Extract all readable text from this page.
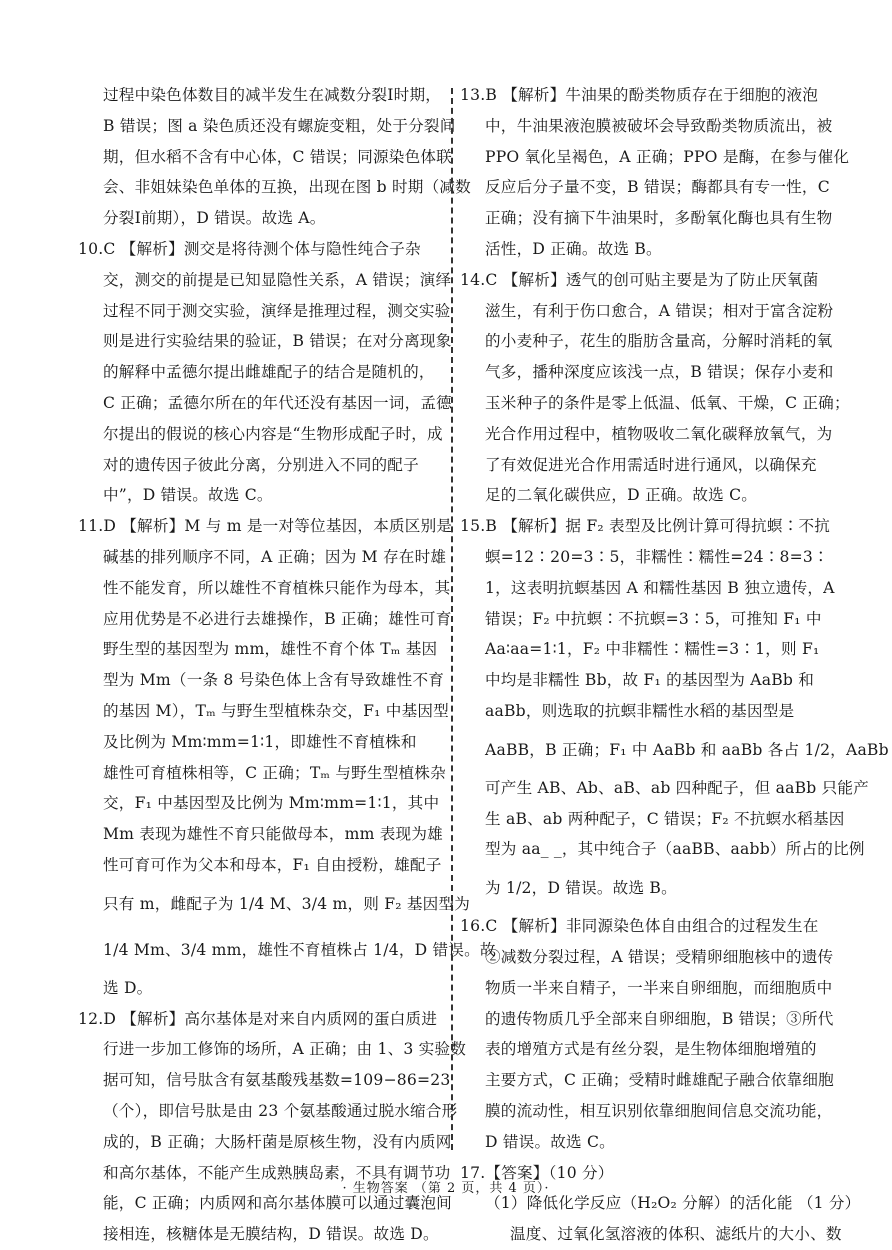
过程中染色体数目的减半发生在减数分裂Ⅰ时期，
B 错误；图 a 染色质还没有螺旋变粗，处于分裂间
期，但水稻不含有中心体，C 错误；同源染色体联
会、非姐妹染色单体的互换，出现在图 b 时期（减数
分裂Ⅰ前期），D 错误。故选 A。
10.C 【解析】测交是将待测个体与隐性纯合子杂
交，测交的前提是已知显隐性关系，A 错误；演绎
过程不同于测交实验，演绎是推理过程，测交实验
则是进行实验结果的验证，B 错误；在对分离现象
的解释中孟德尔提出雌雄配子的结合是随机的，
C 正确；孟德尔所在的年代还没有基因一词，孟德
尔提出的假说的核心内容是“生物形成配子时，成
对的遗传因子彼此分离，分别进入不同的配子
中”，D 错误。故选 C。
11.D 【解析】M 与 m 是一对等位基因，本质区别是
碱基的排列顺序不同，A 正确；因为 M 存在时雄
性不能发育，所以雄性不育植株只能作为母本，其
应用优势是不必进行去雄操作，B 正确；雄性可育
野生型的基因型为 mm，雄性不育个体 Tₘ 基因
型为 Mm（一条 8 号染色体上含有导致雄性不育
的基因 M），Tₘ 与野生型植株杂交，F₁ 中基因型
及比例为 Mm∶mm=1∶1，即雄性不育植株和
雄性可育植株相等，C 正确；Tₘ 与野生型植株杂
交，F₁ 中基因型及比例为 Mm∶mm=1∶1，其中
Mm 表现为雄性不育只能做母本，mm 表现为雄
性可育可作为父本和母本，F₁ 自由授粉，雄配子
只有 m，雌配子为 1/4 M、3/4 m，则 F₂ 基因型为
1/4 Mm、3/4 mm，雄性不育植株占 1/4，D 错误。故
选 D。
12.D 【解析】高尔基体是对来自内质网的蛋白质进
行进一步加工修饰的场所，A 正确；由 1、3 实验数
据可知，信号肽含有氨基酸残基数=109−86=23
（个），即信号肽是由 23 个氨基酸通过脱水缩合形
成的，B 正确；大肠杆菌是原核生物，没有内质网
和高尔基体，不能产生成熟胰岛素，不具有调节功
能，C 正确；内质网和高尔基体膜可以通过囊泡间
接相连，核糖体是无膜结构，D 错误。故选 D。
13.B 【解析】牛油果的酚类物质存在于细胞的液泡
中，牛油果液泡膜被破坏会导致酚类物质流出，被
PPO 氧化呈褐色，A 正确；PPO 是酶，在参与催化
反应后分子量不变，B 错误；酶都具有专一性，C
正确；没有摘下牛油果时，多酚氧化酶也具有生物
活性，D 正确。故选 B。
14.C 【解析】透气的创可贴主要是为了防止厌氧菌
滋生，有利于伤口愈合，A 错误；相对于富含淀粉
的小麦种子，花生的脂肪含量高，分解时消耗的氧
气多，播种深度应该浅一点，B 错误；保存小麦和
玉米种子的条件是零上低温、低氧、干燥，C 正确；
光合作用过程中，植物吸收二氧化碳释放氧气，为
了有效促进光合作用需适时进行通风，以确保充
足的二氧化碳供应，D 正确。故选 C。
15.B 【解析】据 F₂ 表型及比例计算可得抗螟∶不抗
螟=12∶20=3∶5，非糯性∶糯性=24∶8=3∶
1，这表明抗螟基因 A 和糯性基因 B 独立遗传，A
错误；F₂ 中抗螟∶不抗螟=3∶5，可推知 F₁ 中
Aa∶aa=1∶1，F₂ 中非糯性∶糯性=3∶1，则 F₁
中均是非糯性 Bb，故 F₁ 的基因型为 AaBb 和
aaBb，则选取的抗螟非糯性水稻的基因型是
AaBB，B 正确；F₁ 中 AaBb 和 aaBb 各占 1/2，AaBb
可产生 AB、Ab、aB、ab 四种配子，但 aaBb 只能产
生 aB、ab 两种配子，C 错误；F₂ 不抗螟水稻基因
型为 aa_ _，其中纯合子（aaBB、aabb）所占的比例
为 1/2，D 错误。故选 B。
16.C 【解析】非同源染色体自由组合的过程发生在
②减数分裂过程，A 错误；受精卵细胞核中的遗传
物质一半来自精子，一半来自卵细胞，而细胞质中
的遗传物质几乎全部来自卵细胞，B 错误；③所代
表的增殖方式是有丝分裂，是生物体细胞增殖的
主要方式，C 正确；受精时雌雄配子融合依靠细胞
膜的流动性，相互识别依靠细胞间信息交流功能，
D 错误。故选 C。
17.【答案】（10 分）
（1）降低化学反应（H₂O₂ 分解）的活化能 （1 分）
温度、过氧化氢溶液的体积、滤纸片的大小、数
· 生物答案 （第 2 页，共 4 页）·
